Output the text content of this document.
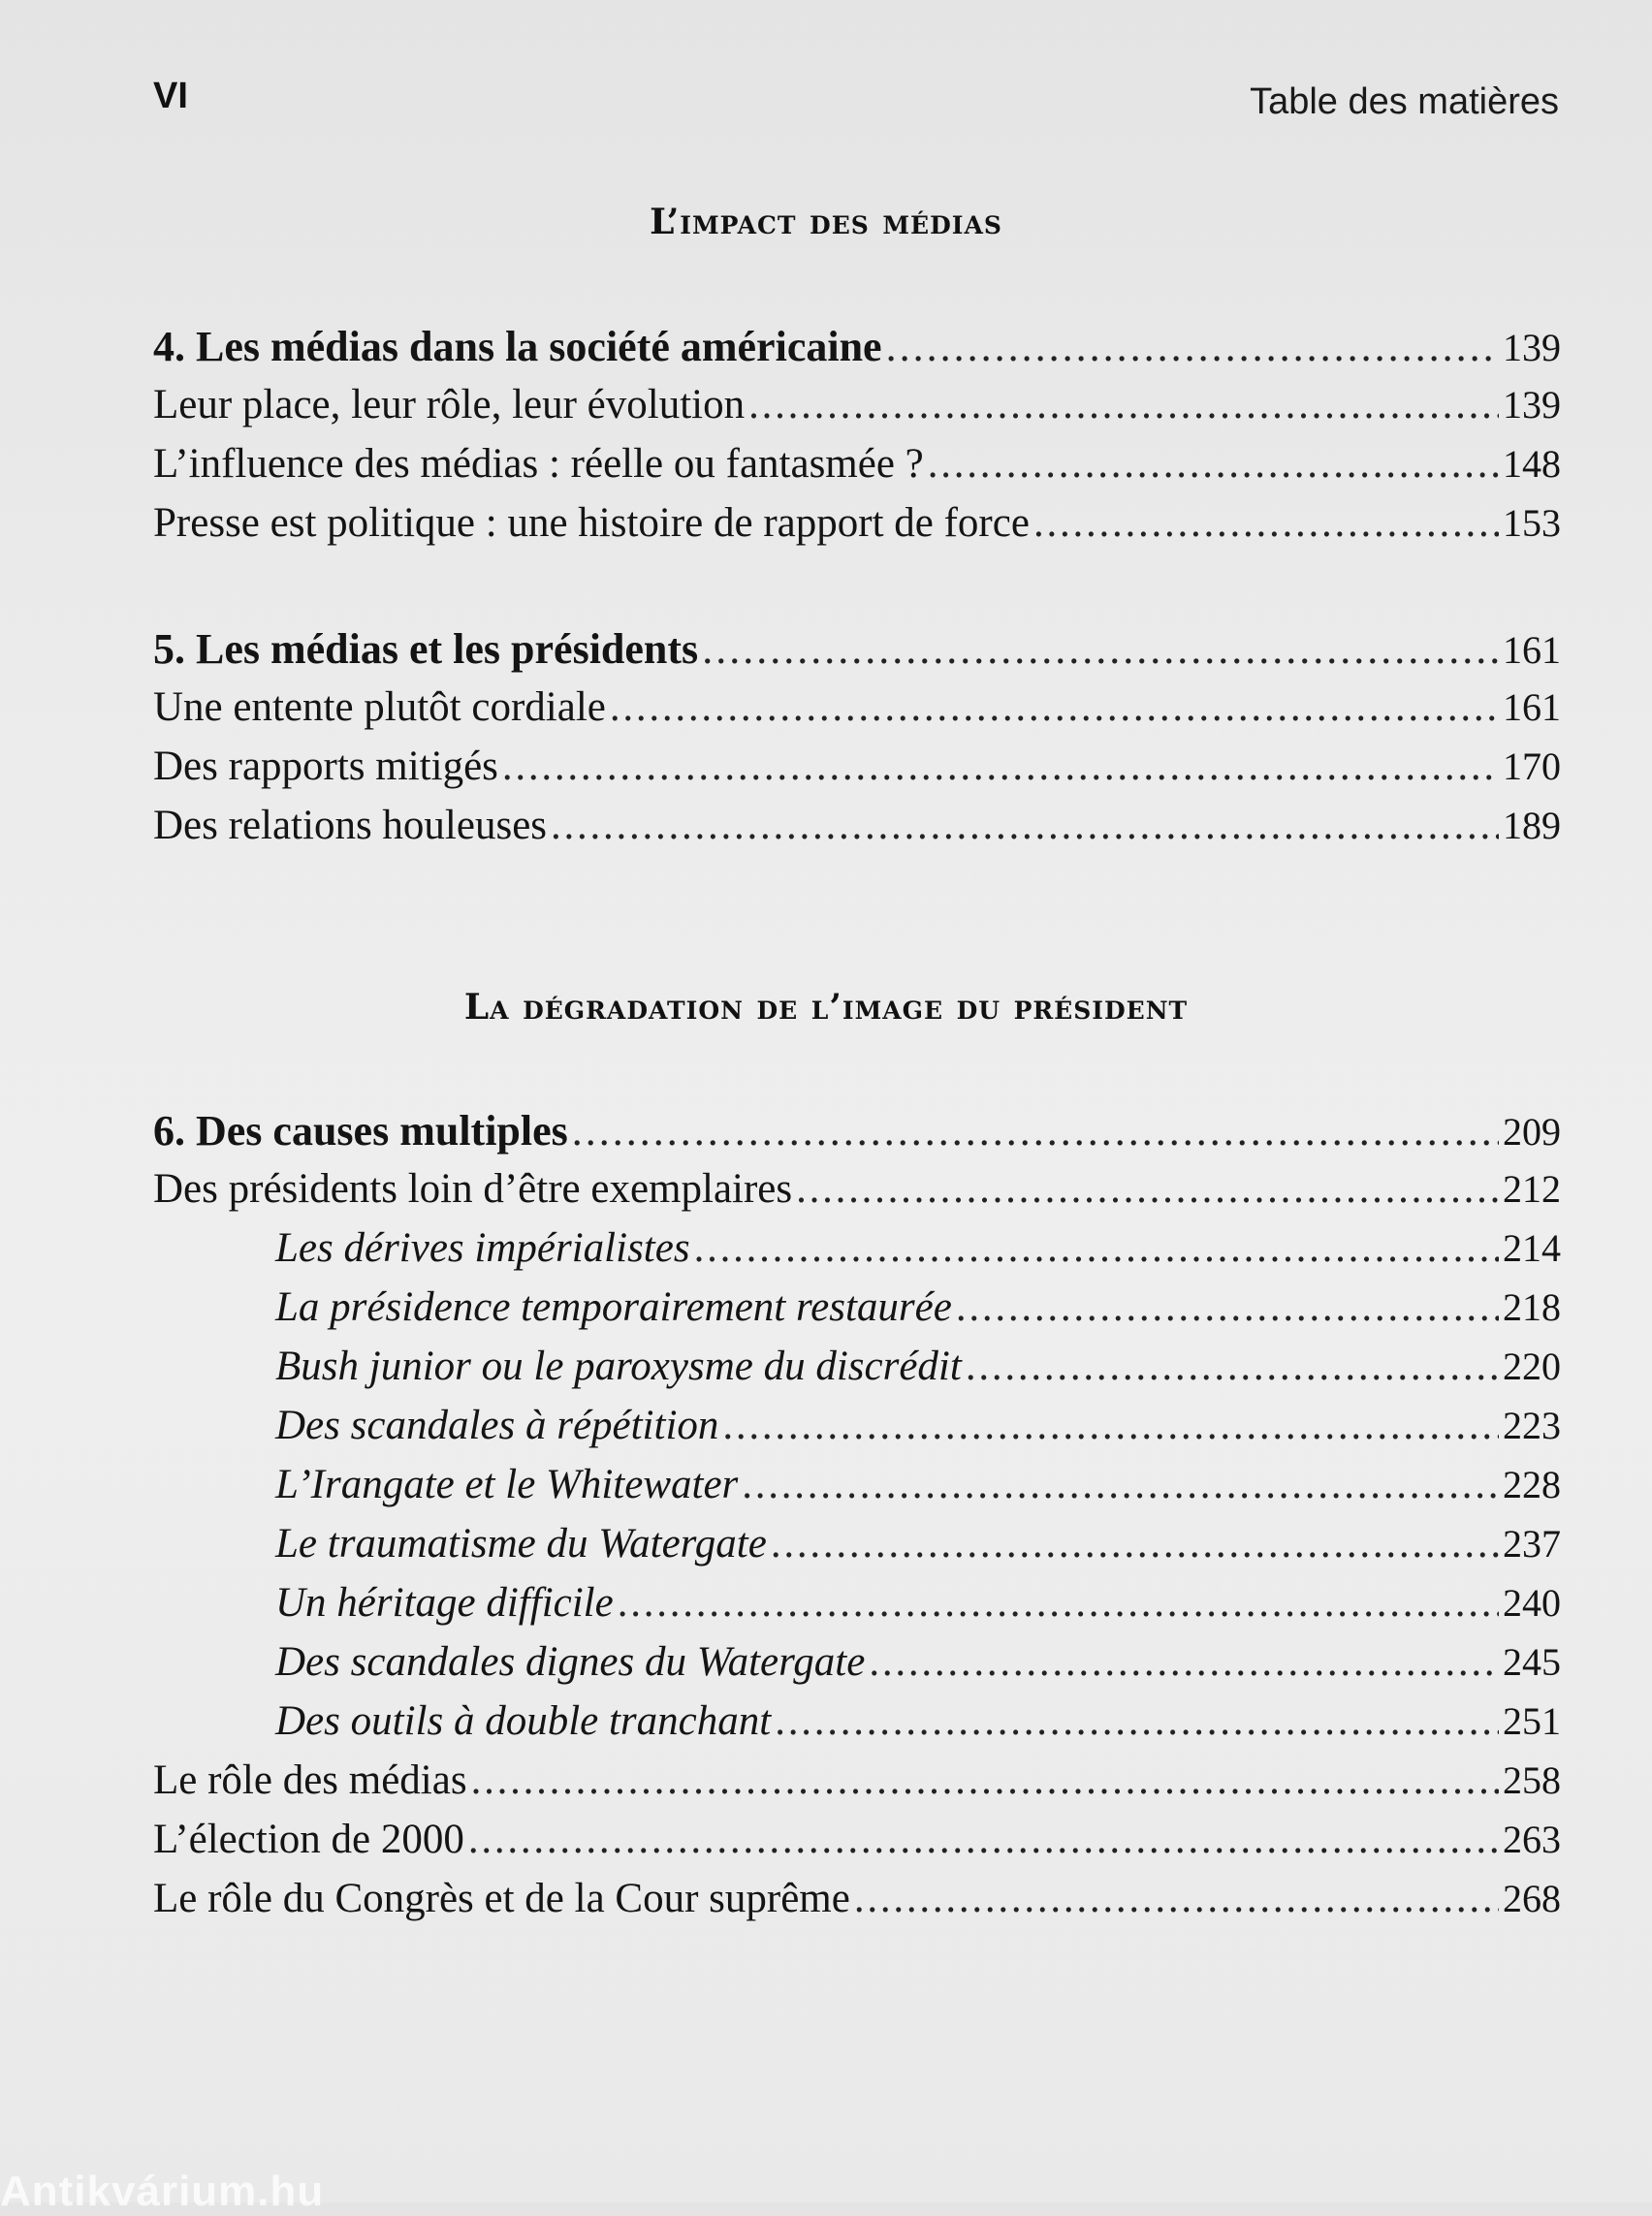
VI	Table des matières
L’impact des médias
4. Les médias dans la société américaine . . .	139
Leur place, leur rôle, leur évolution . . .	139
L’influence des médias : réelle ou fantasmée ? . . .	148
Presse est politique : une histoire de rapport de force . . .	153
5. Les médias et les présidents . . .	161
Une entente plutôt cordiale . . .	161
Des rapports mitigés . . .	170
Des relations houleuses . . .	189
La dégradation de l’image du président
6. Des causes multiples . . .	209
Des présidents loin d’être exemplaires . . .	212
Les dérives impérialistes . . .	214
La présidence temporairement restaurée . . .	218
Bush junior ou le paroxysme du discrédit . . .	220
Des scandales à répétition . . .	223
L’Irangate et le Whitewater . . .	228
Le traumatisme du Watergate . . .	237
Un héritage difficile . . .	240
Des scandales dignes du Watergate . . .	245
Des outils à double tranchant . . .	251
Le rôle des médias . . .	258
L’élection de 2000 . . .	263
Le rôle du Congrès et de la Cour suprême . . .	268
Antikvárium.hu
